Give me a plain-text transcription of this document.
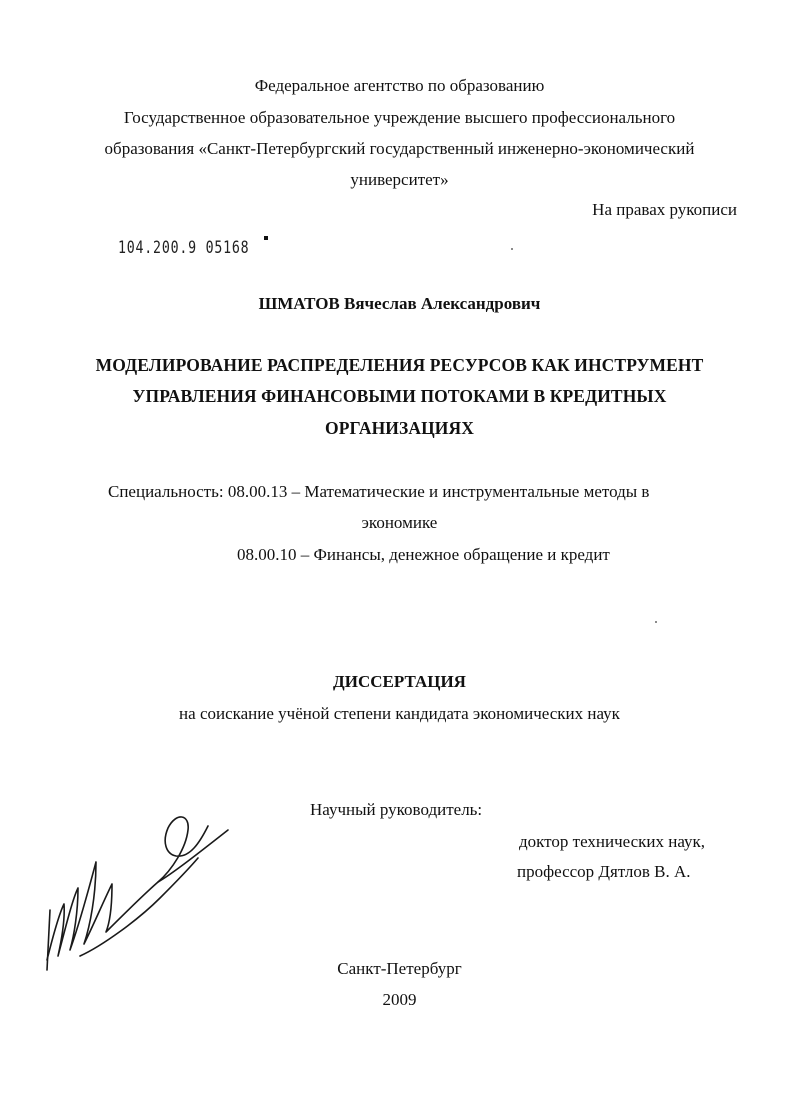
Федеральное агентство по образованию
Государственное образовательное учреждение высшего профессионального
образования «Санкт-Петербургский государственный инженерно-экономический
университет»
На правах рукописи
104.200.9 05168
ШМАТОВ Вячеслав Александрович
МОДЕЛИРОВАНИЕ РАСПРЕДЕЛЕНИЯ РЕСУРСОВ КАК ИНСТРУМЕНТ
УПРАВЛЕНИЯ ФИНАНСОВЫМИ ПОТОКАМИ В КРЕДИТНЫХ
ОРГАНИЗАЦИЯХ
Специальность: 08.00.13 – Математические и инструментальные методы в
экономике
08.00.10 – Финансы, денежное обращение и кредит
ДИССЕРТАЦИЯ
на соискание учёной степени кандидата экономических наук
Научный руководитель:
доктор технических наук,
профессор Дятлов В. А.
Санкт-Петербург
2009
